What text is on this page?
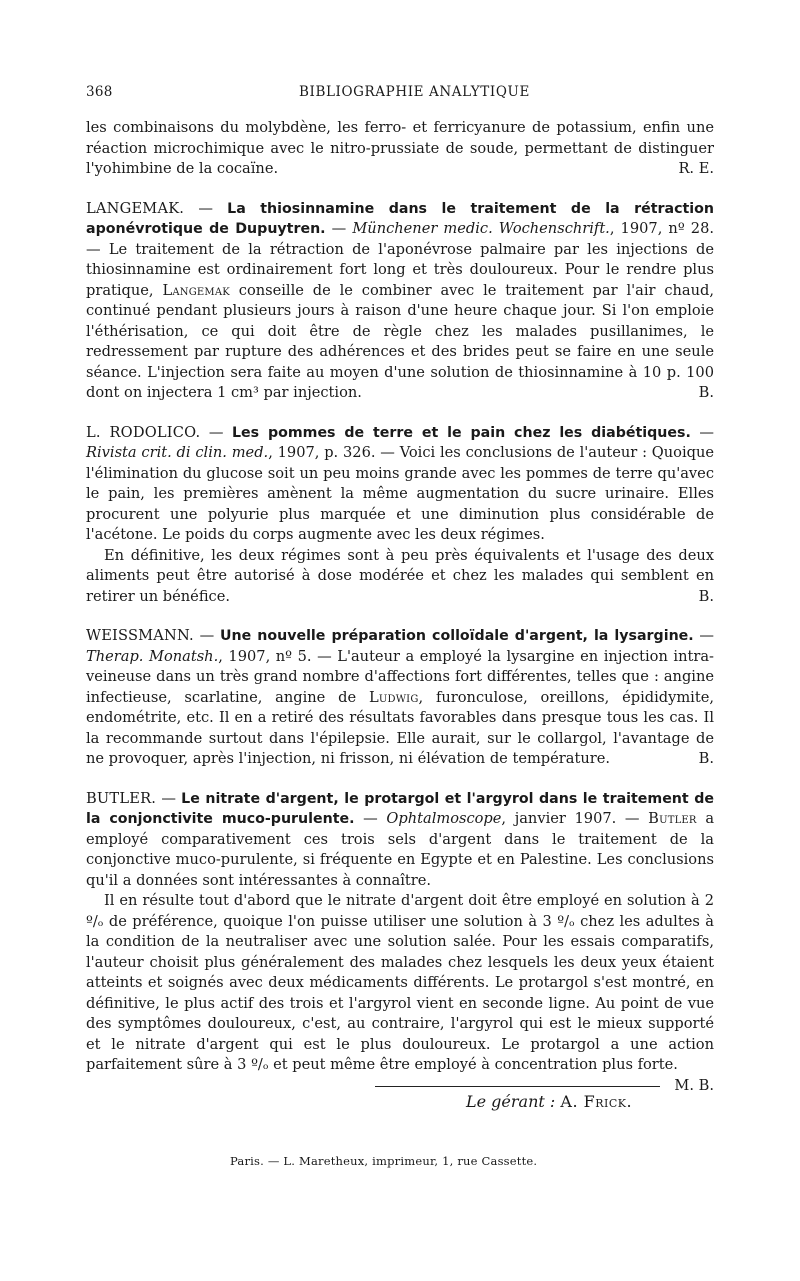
368	BIBLIOGRAPHIE ANALYTIQUE

les combinaisons du molybdène, les ferro- et ferricyanure de potassium, enfin une réaction microchimique avec le nitro-prussiate de soude, permettant de distinguer l'yohimbine de la cocaïne.	R. E.

LANGEMAK. — La thiosinnamine dans le traitement de la rétraction aponévrotique de Dupuytren. — Münchener medic. Wochenschrift., 1907, nº 28. — Le traitement de la rétraction de l'aponévrose palmaire par les injections de thiosinnamine est ordinairement fort long et très douloureux. Pour le rendre plus pratique, Langemak conseille de le combiner avec le traitement par l'air chaud, continué pendant plusieurs jours à raison d'une heure chaque jour. Si l'on emploie l'éthérisation, ce qui doit être de règle chez les malades pusillanimes, le redressement par rupture des adhérences et des brides peut se faire en une seule séance. L'injection sera faite au moyen d'une solution de thiosinnamine à 10 p. 100 dont on injectera 1 cm³ par injection.	B.

L. RODOLICO. — Les pommes de terre et le pain chez les diabétiques. — Rivista crit. di clin. med., 1907, p. 326. — Voici les conclusions de l'auteur : Quoique l'élimination du glucose soit un peu moins grande avec les pommes de terre qu'avec le pain, les premières amènent la même augmentation du sucre urinaire. Elles procurent une polyurie plus marquée et une diminution plus considérable de l'acétone. Le poids du corps augmente avec les deux régimes.

En définitive, les deux régimes sont à peu près équivalents et l'usage des deux aliments peut être autorisé à dose modérée et chez les malades qui semblent en retirer un bénéfice.	B.

WEISSMANN. — Une nouvelle préparation colloïdale d'argent, la lysargine. — Therap. Monatsh., 1907, nº 5. — L'auteur a employé la lysargine en injection intra-veineuse dans un très grand nombre d'affections fort différentes, telles que : angine infectieuse, scarlatine, angine de Ludwig, furonculose, oreillons, épididymite, endométrite, etc. Il en a retiré des résultats favorables dans presque tous les cas. Il la recommande surtout dans l'épilepsie. Elle aurait, sur le collargol, l'avantage de ne provoquer, après l'injection, ni frisson, ni élévation de température.	B.

BUTLER. — Le nitrate d'argent, le protargol et l'argyrol dans le traitement de la conjonctivite muco-purulente. — Ophtalmoscope, janvier 1907. — Butler a employé comparativement ces trois sels d'argent dans le traitement de la conjonctive muco-purulente, si fréquente en Egypte et en Palestine. Les conclusions qu'il a données sont intéressantes à connaître.

Il en résulte tout d'abord que le nitrate d'argent doit être employé en solution à 2 º/ₒ de préférence, quoique l'on puisse utiliser une solution à 3 º/ₒ chez les adultes à la condition de la neutraliser avec une solution salée. Pour les essais comparatifs, l'auteur choisit plus généralement des malades chez lesquels les deux yeux étaient atteints et soignés avec deux médicaments différents. Le protargol s'est montré, en définitive, le plus actif des trois et l'argyrol vient en seconde ligne. Au point de vue des symptômes douloureux, c'est, au contraire, l'argyrol qui est le mieux supporté et le nitrate d'argent qui est le plus douloureux. Le protargol a une action parfaitement sûre à 3 º/ₒ et peut même être employé à concentration plus forte.
M. B.

Le gérant : A. Frick.
Paris. — L. Maretheux, imprimeur, 1, rue Cassette.
